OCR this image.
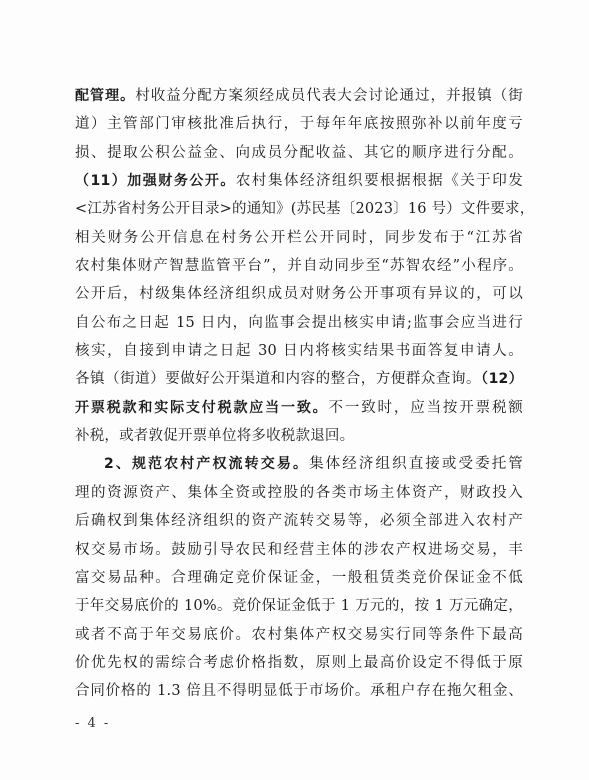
配管理。村收益分配方案须经成员代表大会讨论通过，并报镇（街
道）主管部门审核批准后执行，于每年年底按照弥补以前年度亏
损、提取公积公益金、向成员分配收益、其它的顺序进行分配。
（11）加强财务公开。农村集体经济组织要根据根据《关于印发
<江苏省村务公开目录>的通知》(苏民基〔2023〕16 号）文件要求，
相关财务公开信息在村务公开栏公开同时，同步发布于“江苏省
农村集体财产智慧监管平台”，并自动同步至“苏智农经”小程序。
公开后，村级集体经济组织成员对财务公开事项有异议的，可以
自公布之日起 15 日内，向监事会提出核实申请;监事会应当进行
核实，自接到申请之日起 30 日内将核实结果书面答复申请人。
各镇（街道）要做好公开渠道和内容的整合，方便群众查询。（12）
开票税款和实际支付税款应当一致。不一致时，应当按开票税额
补税，或者敦促开票单位将多收税款退回。
2、规范农村产权流转交易。集体经济组织直接或受委托管
理的资源资产、集体全资或控股的各类市场主体资产，财政投入
后确权到集体经济组织的资产流转交易等，必须全部进入农村产
权交易市场。鼓励引导农民和经营主体的涉农产权进场交易，丰
富交易品种。合理确定竞价保证金，一般租赁类竞价保证金不低
于年交易底价的 10%。竞价保证金低于 1 万元的，按 1 万元确定，
或者不高于年交易底价。农村集体产权交易实行同等条件下最高
价优先权的需综合考虑价格指数，原则上最高价设定不得低于原
合同价格的 1.3 倍且不得明显低于市场价。承租户存在拖欠租金、
- 4 -
